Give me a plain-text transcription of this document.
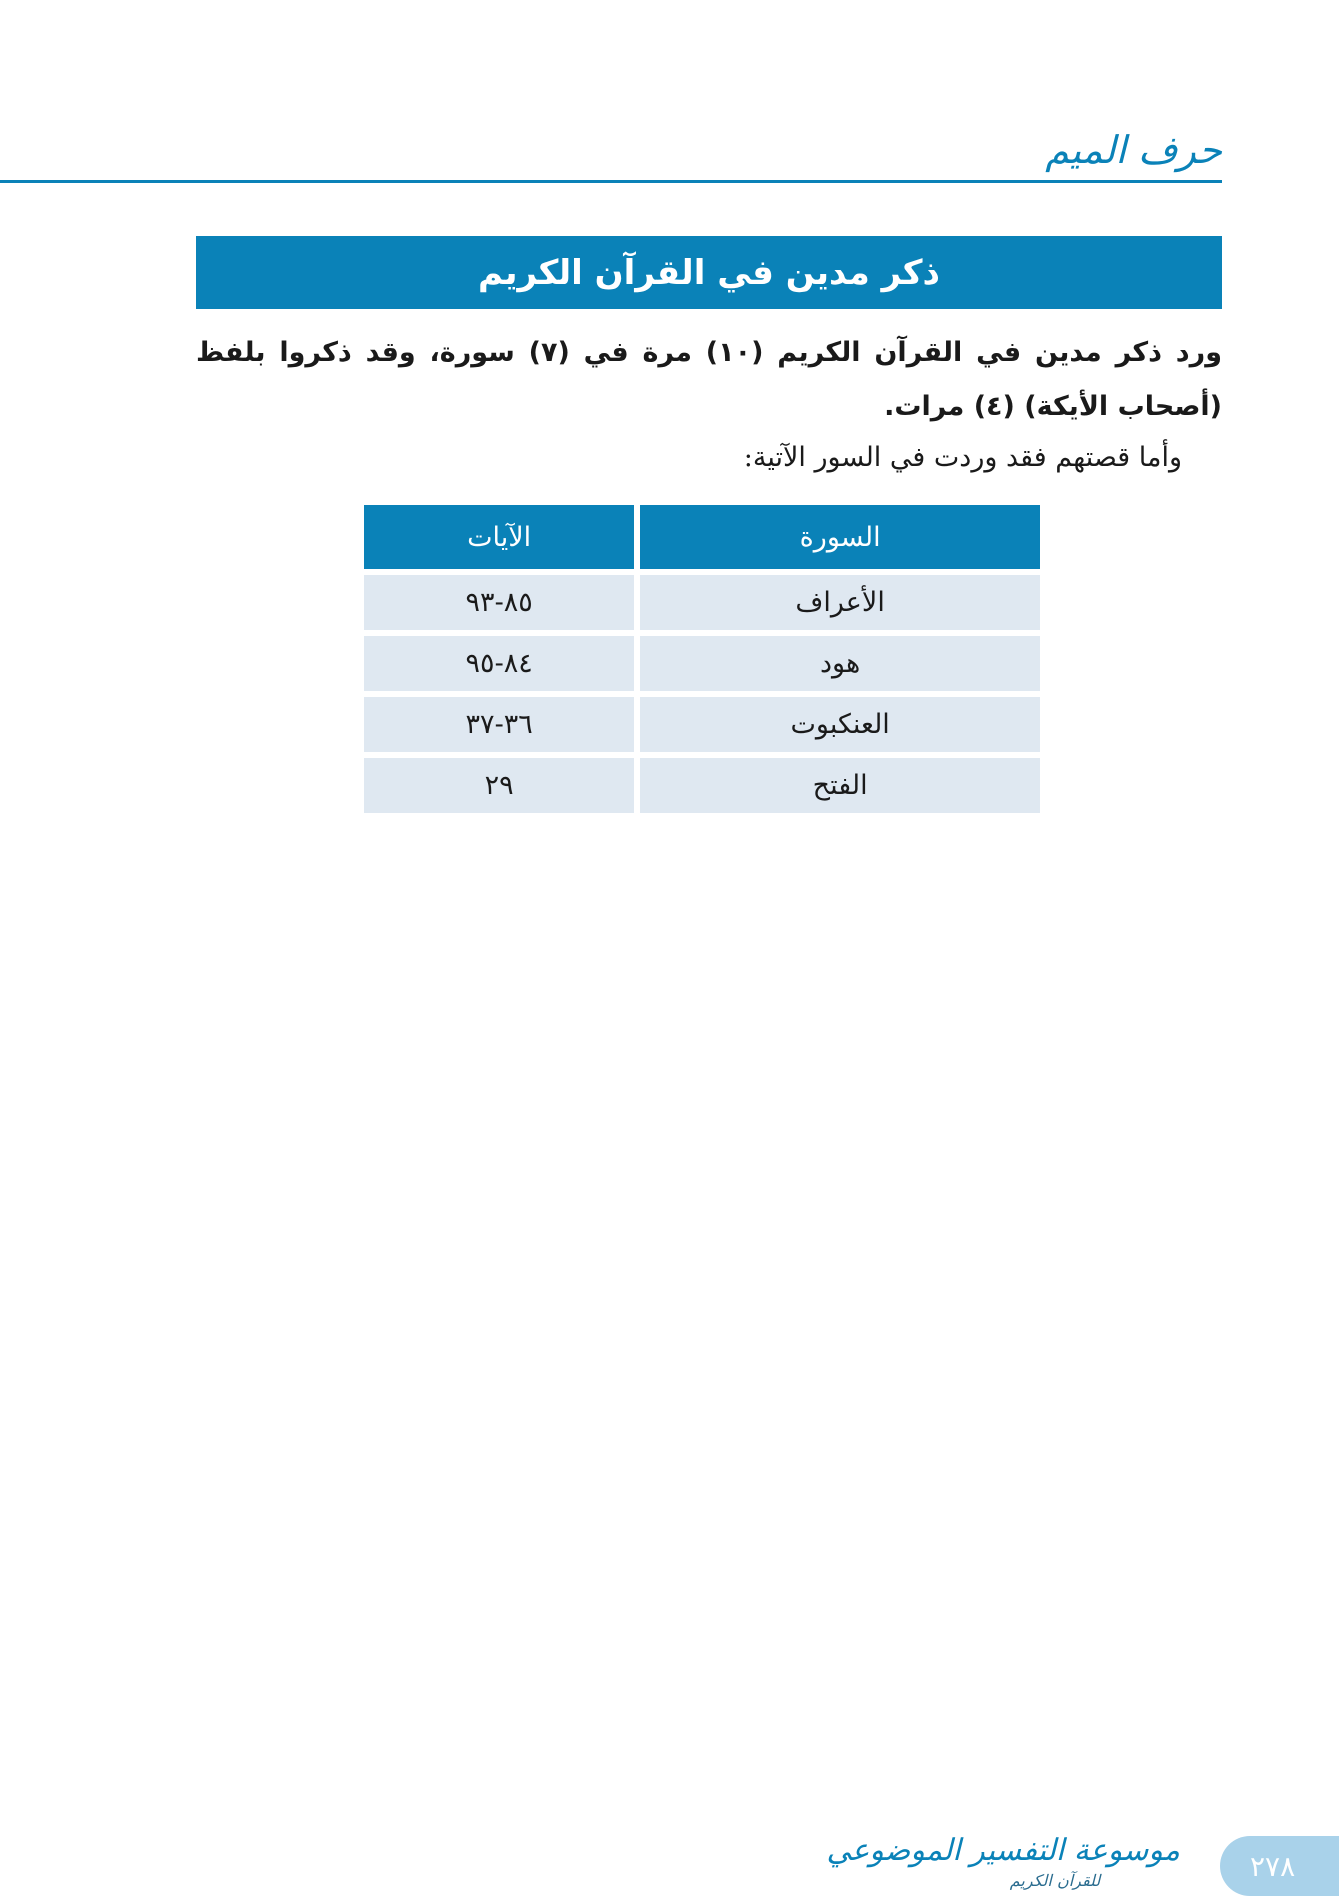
حرف الميم
ذكر مدين في القرآن الكريم
ورد ذكر مدين في القرآن الكريم (١٠) مرة في (٧) سورة، وقد ذكروا بلفظ (أصحاب الأيكة) (٤) مرات.
وأما قصتهم فقد وردت في السور الآتية:
السورة	الآيات
الأعراف	٨٥-٩٣
هود	٨٤-٩٥
العنكبوت	٣٦-٣٧
الفتح	٢٩
موسوعة التفسير الموضوعي
للقرآن الكريم	٢٧٨
